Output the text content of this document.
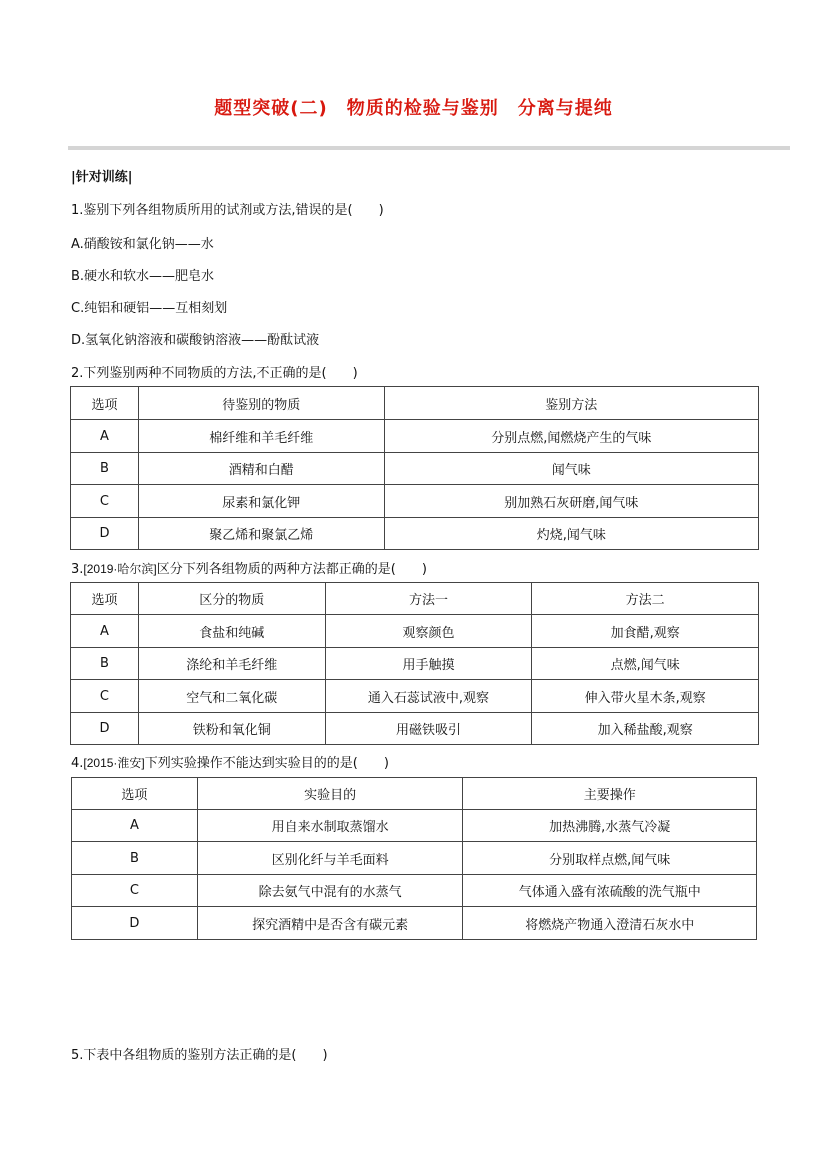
题型突破(二)　物质的检验与鉴别　分离与提纯
|针对训练|
1.鉴别下列各组物质所用的试剂或方法,错误的是(　　)
A.硝酸铵和氯化钠——水
B.硬水和软水——肥皂水
C.纯铝和硬铝——互相刻划
D.氢氧化钠溶液和碳酸钠溶液——酚酞试液
2.下列鉴别两种不同物质的方法,不正确的是(　　)
选项	待鉴别的物质	鉴别方法
A	棉纤维和羊毛纤维	分别点燃,闻燃烧产生的气味
B	酒精和白醋	闻气味
C	尿素和氯化钾	别加熟石灰研磨,闻气味
D	聚乙烯和聚氯乙烯	灼烧,闻气味
3.[2019·哈尔滨]区分下列各组物质的两种方法都正确的是(　　)
选项	区分的物质	方法一	方法二
A	食盐和纯碱	观察颜色	加食醋,观察
B	涤纶和羊毛纤维	用手触摸	点燃,闻气味
C	空气和二氧化碳	通入石蕊试液中,观察	伸入带火星木条,观察
D	铁粉和氧化铜	用磁铁吸引	加入稀盐酸,观察
4.[2015·淮安]下列实验操作不能达到实验目的的是(　　)
选项	实验目的	主要操作
A	用自来水制取蒸馏水	加热沸腾,水蒸气冷凝
B	区别化纤与羊毛面料	分别取样点燃,闻气味
C	除去氨气中混有的水蒸气	气体通入盛有浓硫酸的洗气瓶中
D	探究酒精中是否含有碳元素	将燃烧产物通入澄清石灰水中
5.下表中各组物质的鉴别方法正确的是(　　)
